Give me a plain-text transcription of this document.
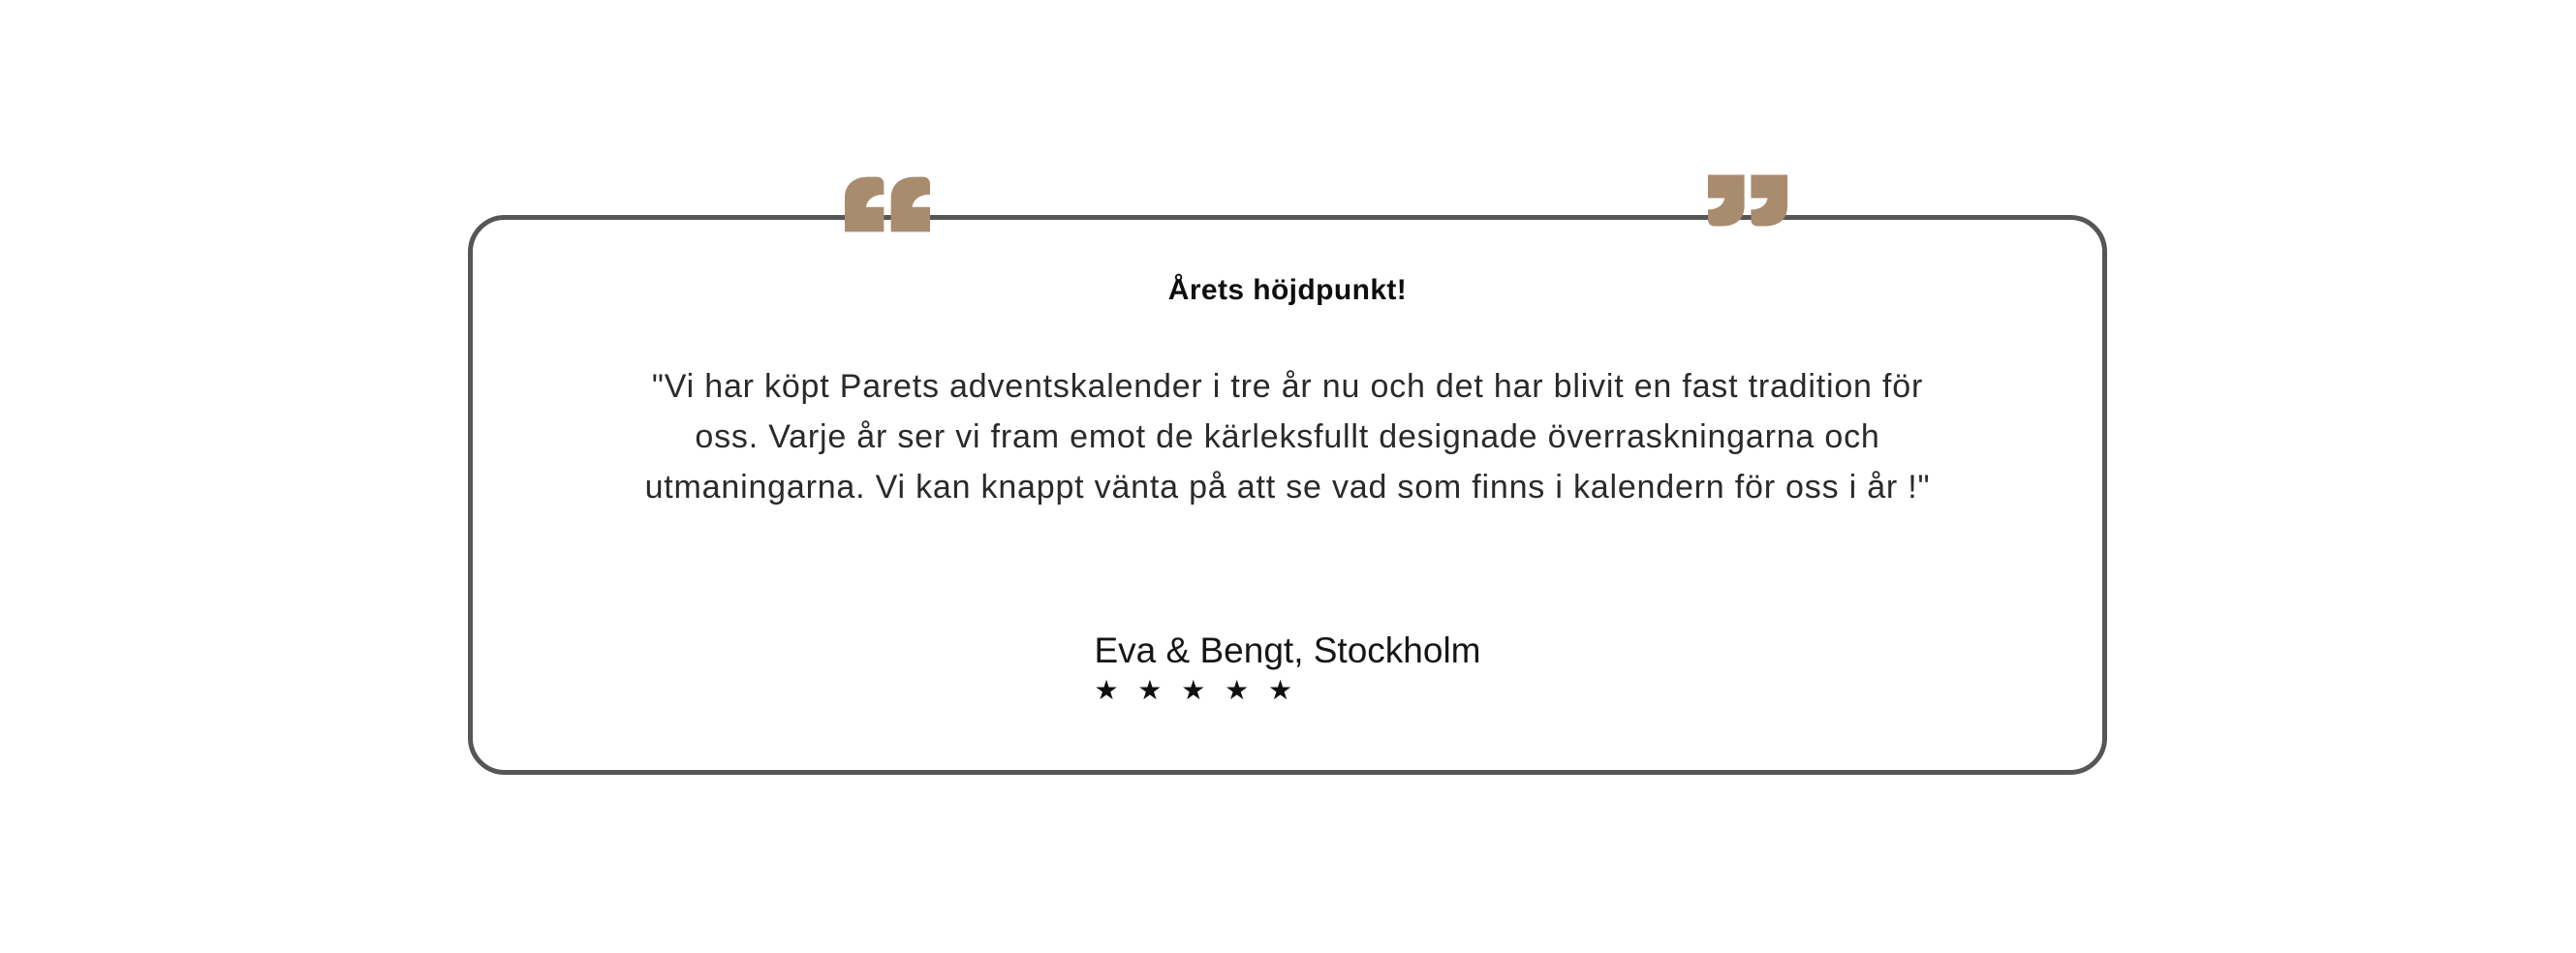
Årets höjdpunkt!
"Vi har köpt Parets adventskalender i tre år nu och det har blivit en fast tradition för
oss. Varje år ser vi fram emot de kärleksfullt designade överraskningarna och
utmaningarna. Vi kan knappt vänta på att se vad som finns i kalendern för oss i år !"
Eva & Bengt, Stockholm
★ ★ ★ ★ ★
